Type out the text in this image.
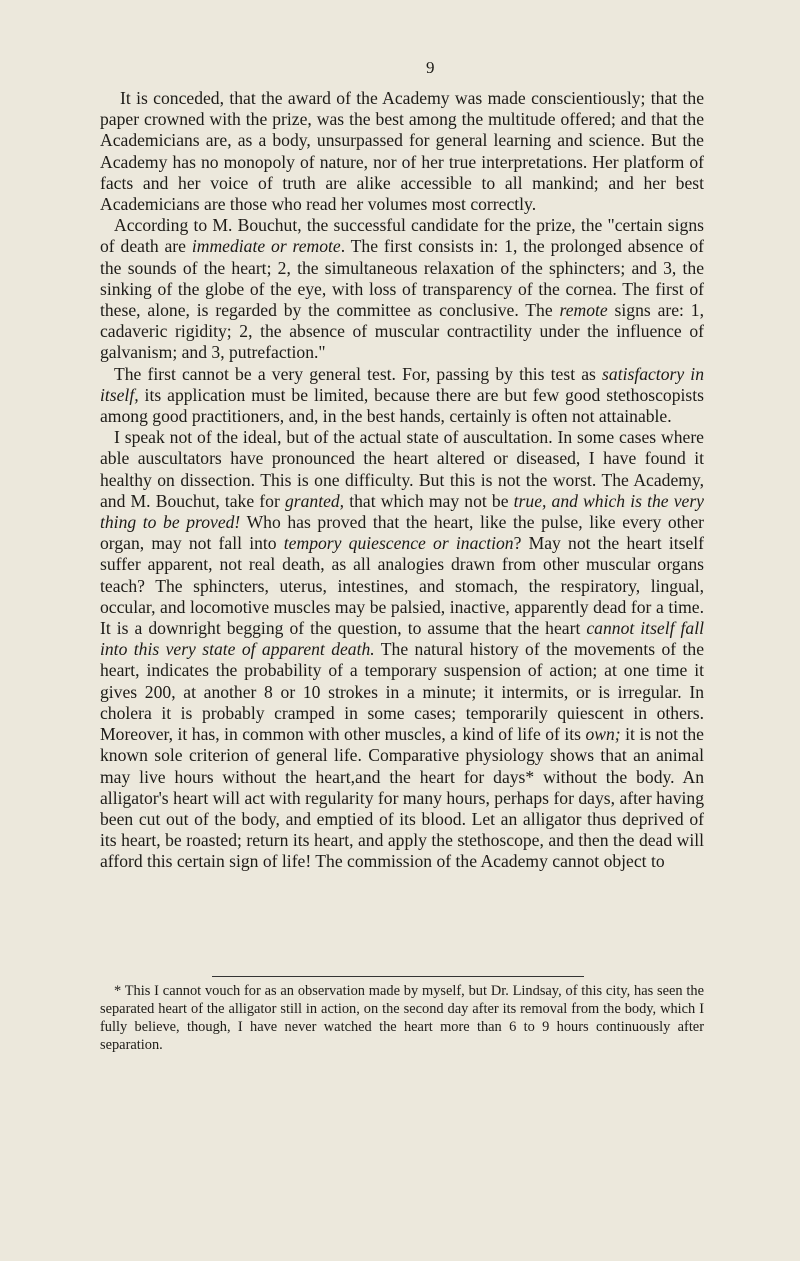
9

It is conceded, that the award of the Academy was made conscientiously; that the paper crowned with the prize, was the best among the multitude offered; and that the Academicians are, as a body, unsurpassed for general learning and science. But the Academy has no monopoly of nature, nor of her true interpretations. Her platform of facts and her voice of truth are alike accessible to all mankind; and her best Academicians are those who read her volumes most correctly.

According to M. Bouchut, the successful candidate for the prize, the "certain signs of death are immediate or remote. The first consists in: 1, the prolonged absence of the sounds of the heart; 2, the simultaneous relaxation of the sphincters; and 3, the sinking of the globe of the eye, with loss of transparency of the cornea. The first of these, alone, is regarded by the committee as conclusive. The remote signs are: 1, cadaveric rigidity; 2, the absence of muscular contractility under the influence of galvanism; and 3, putrefaction."

The first cannot be a very general test. For, passing by this test as satisfactory in itself, its application must be limited, because there are but few good stethoscopists among good practitioners, and, in the best hands, certainly is often not attainable.

I speak not of the ideal, but of the actual state of auscultation. In some cases where able auscultators have pronounced the heart altered or diseased, I have found it healthy on dissection. This is one difficulty. But this is not the worst. The Academy, and M. Bouchut, take for granted, that which may not be true, and which is the very thing to be proved! Who has proved that the heart, like the pulse, like every other organ, may not fall into tempory quiescence or inaction? May not the heart itself suffer apparent, not real death, as all analogies drawn from other muscular organs teach? The sphincters, uterus, intestines, and stomach, the respiratory, lingual, occular, and locomotive muscles may be palsied, inactive, apparently dead for a time. It is a downright begging of the question, to assume that the heart cannot itself fall into this very state of apparent death. The natural history of the movements of the heart, indicates the probability of a temporary suspension of action; at one time it gives 200, at another 8 or 10 strokes in a minute; it intermits, or is irregular. In cholera it is probably cramped in some cases; temporarily quiescent in others. Moreover, it has, in common with other muscles, a kind of life of its own; it is not the known sole criterion of general life. Comparative physiology shows that an animal may live hours without the heart,and the heart for days* without the body. An alligator's heart will act with regularity for many hours, perhaps for days, after having been cut out of the body, and emptied of its blood. Let an alligator thus deprived of its heart, be roasted; return its heart, and apply the stethoscope, and then the dead will afford this certain sign of life! The commission of the Academy cannot object to

* This I cannot vouch for as an observation made by myself, but Dr. Lindsay, of this city, has seen the separated heart of the alligator still in action, on the second day after its removal from the body, which I fully believe, though, I have never watched the heart more than 6 to 9 hours continuously after separation.
